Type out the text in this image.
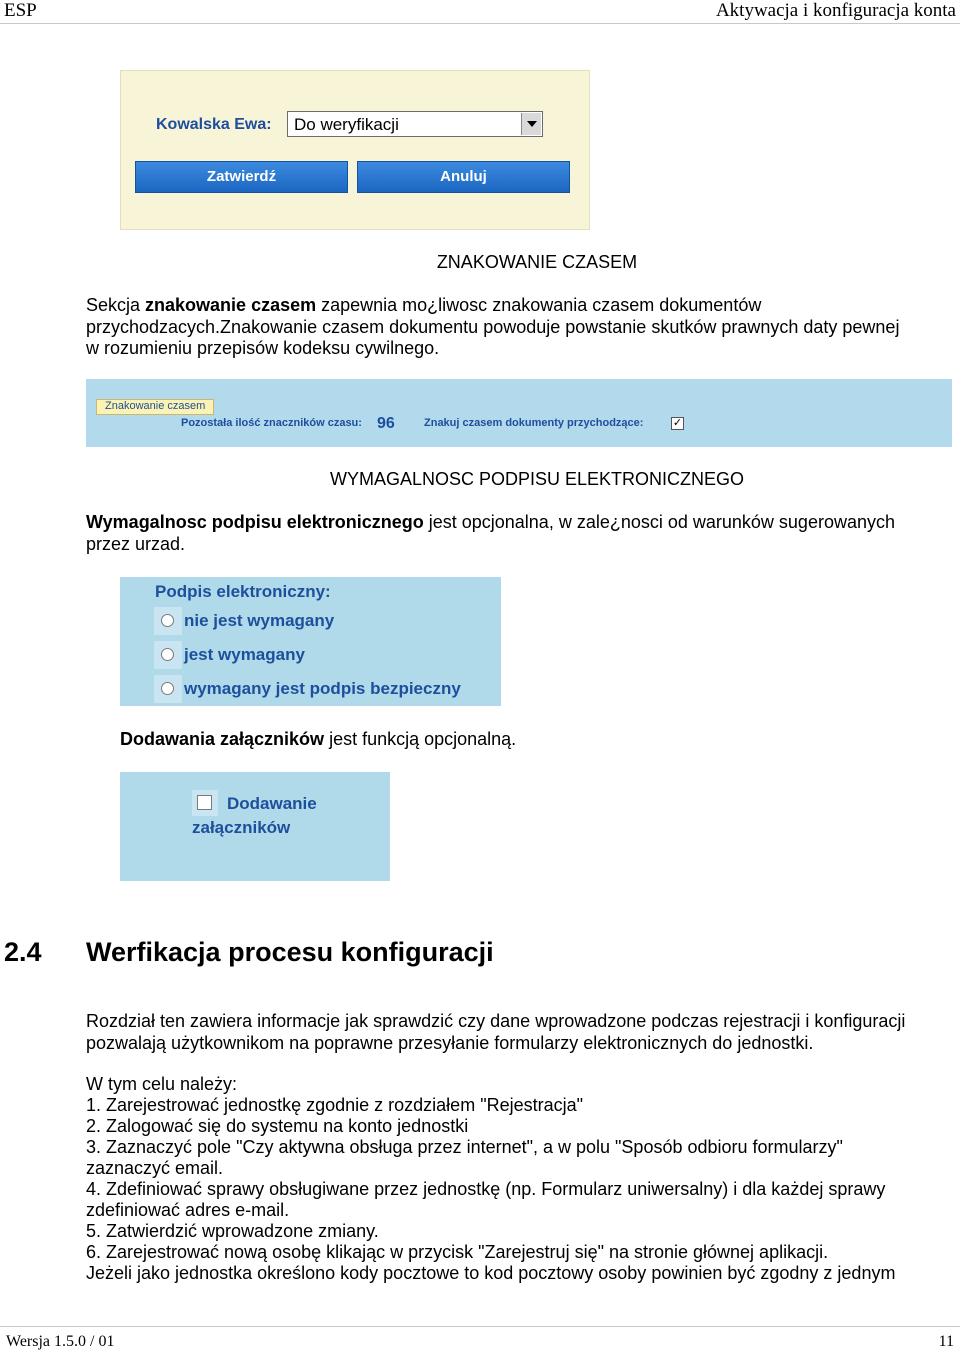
ESP	Aktywacja i konfiguracja konta
Kowalska Ewa: Do weryfikacji
Zatwierdź	Anuluj
ZNAKOWANIE CZASEM
Sekcja znakowanie czasem zapewnia mo¿liwosc znakowania czasem dokumentów
przychodzacych.Znakowanie czasem dokumentu powoduje powstanie skutków prawnych daty pewnej
w rozumieniu przepisów kodeksu cywilnego.
Znakowanie czasem
Pozostała ilość znaczników czasu: 96	Znakuj czasem dokumenty przychodzące:	✓
WYMAGALNOSC PODPISU ELEKTRONICZNEGO
Wymagalnosc podpisu elektronicznego jest opcjonalna, w zale¿nosci od warunków sugerowanych
przez urzad.
Podpis elektroniczny:
nie jest wymagany
jest wymagany
wymagany jest podpis bezpieczny
Dodawania załączników jest funkcją opcjonalną.
Dodawanie
załączników
2.4 Werfikacja procesu konfiguracji
Rozdział ten zawiera informacje jak sprawdzić czy dane wprowadzone podczas rejestracji i konfiguracji
pozwalają użytkownikom na poprawne przesyłanie formularzy elektronicznych do jednostki.
W tym celu należy:
1. Zarejestrować jednostkę zgodnie z rozdziałem "Rejestracja"
2. Zalogować się do systemu na konto jednostki
3. Zaznaczyć pole "Czy aktywna obsługa przez internet", a w polu "Sposób odbioru formularzy"
zaznaczyć email.
4. Zdefiniować sprawy obsługiwane przez jednostkę (np. Formularz uniwersalny) i dla każdej sprawy
zdefiniować adres e-mail.
5. Zatwierdzić wprowadzone zmiany.
6. Zarejestrować nową osobę klikając w przycisk "Zarejestruj się" na stronie głównej aplikacji.
Jeżeli jako jednostka określono kody pocztowe to kod pocztowy osoby powinien być zgodny z jednym
Wersja 1.5.0 / 01	11
